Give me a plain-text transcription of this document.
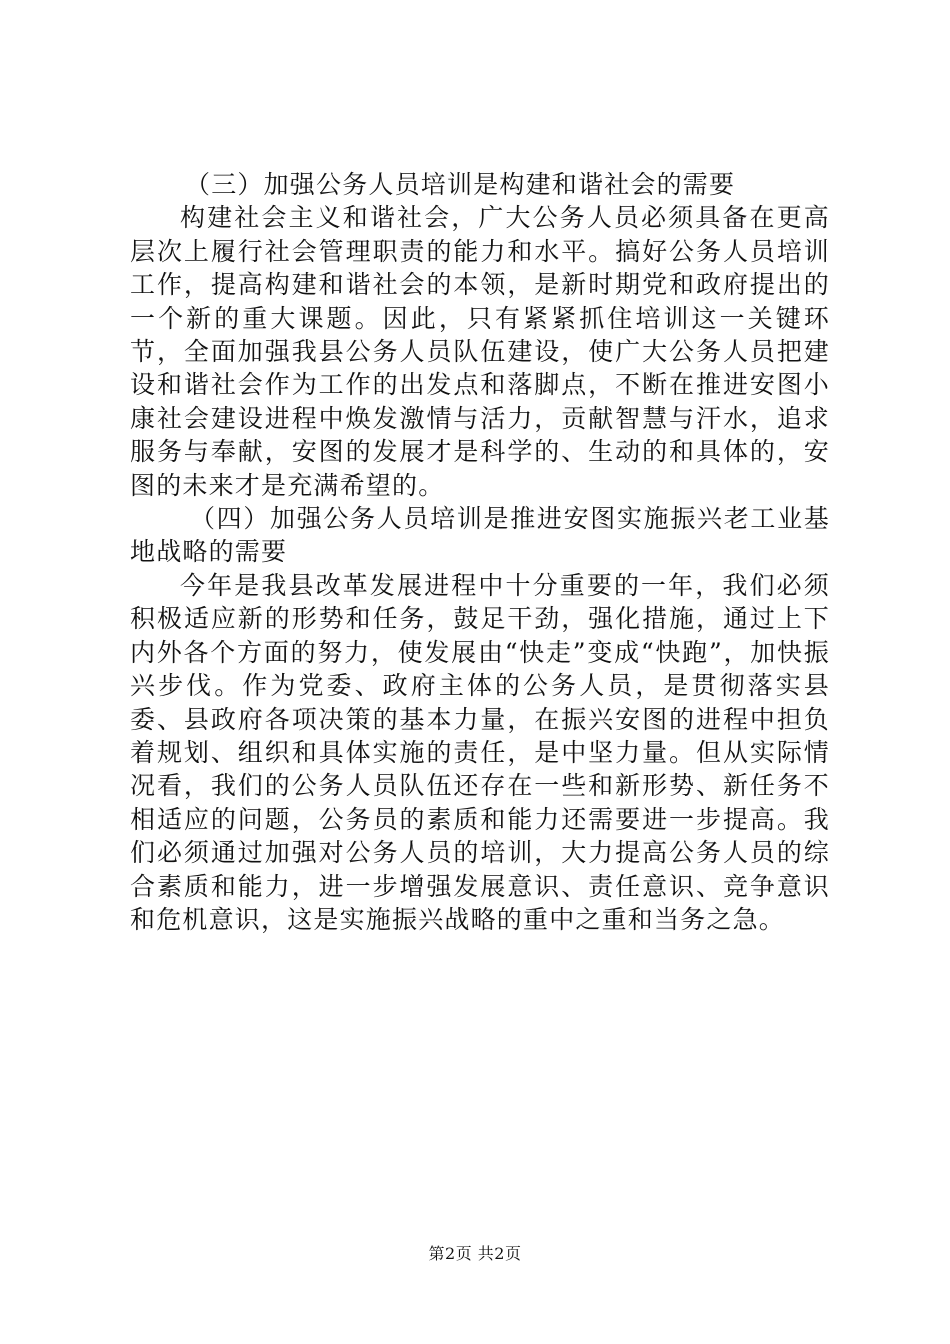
（三）加强公务人员培训是构建和谐社会的需要

构建社会主义和谐社会，广大公务人员必须具备在更高层次上履行社会管理职责的能力和水平。搞好公务人员培训工作，提高构建和谐社会的本领，是新时期党和政府提出的一个新的重大课题。因此，只有紧紧抓住培训这一关键环节，全面加强我县公务人员队伍建设，使广大公务人员把建设和谐社会作为工作的出发点和落脚点，不断在推进安图小康社会建设进程中焕发激情与活力，贡献智慧与汗水，追求服务与奉献，安图的发展才是科学的、生动的和具体的，安图的未来才是充满希望的。

（四）加强公务人员培训是推进安图实施振兴老工业基地战略的需要

今年是我县改革发展进程中十分重要的一年，我们必须积极适应新的形势和任务，鼓足干劲，强化措施，通过上下内外各个方面的努力，使发展由“快走”变成“快跑”，加快振兴步伐。作为党委、政府主体的公务人员，是贯彻落实县委、县政府各项决策的基本力量，在振兴安图的进程中担负着规划、组织和具体实施的责任，是中坚力量。但从实际情况看，我们的公务人员队伍还存在一些和新形势、新任务不相适应的问题，公务员的素质和能力还需要进一步提高。我们必须通过加强对公务人员的培训，大力提高公务人员的综合素质和能力，进一步增强发展意识、责任意识、竞争意识和危机意识，这是实施振兴战略的重中之重和当务之急。

第2页 共2页
